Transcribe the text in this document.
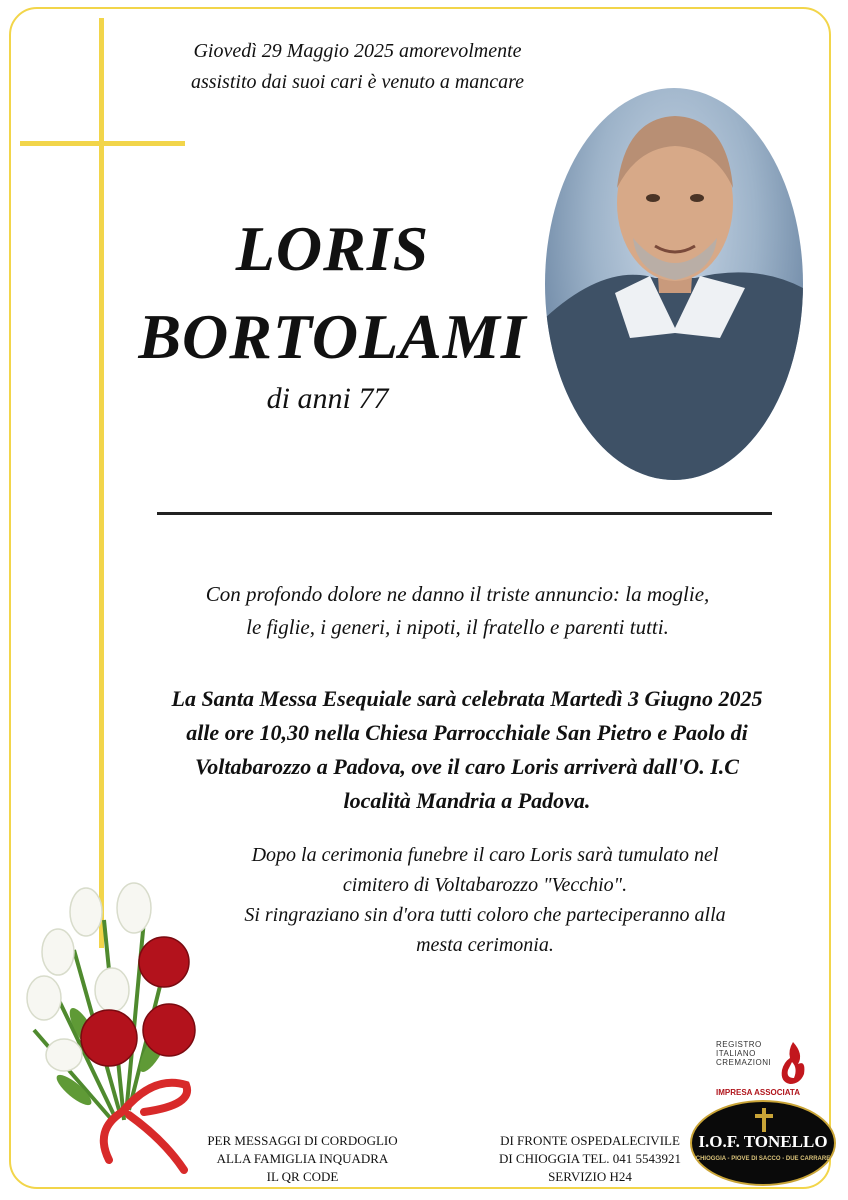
Giovedì 29 Maggio 2025 amorevolmente
assistito dai suoi cari è venuto a mancare
LORIS
BORTOLAMI
di anni 77
Con profondo dolore ne danno il triste annuncio: la moglie,
le figlie, i generi, i nipoti, il fratello e parenti tutti.
La Santa Messa Esequiale sarà celebrata Martedì 3 Giugno 2025
alle ore 10,30 nella Chiesa Parrocchiale San Pietro e Paolo di
Voltabarozzo a Padova, ove il caro Loris arriverà dall'O. I.C
località Mandria a Padova.
Dopo la cerimonia funebre il caro Loris sarà tumulato nel
cimitero di Voltabarozzo "Vecchio".
Si ringraziano sin d'ora tutti coloro che parteciperanno alla
mesta cerimonia.
PER MESSAGGI DI CORDOGLIO
ALLA FAMIGLIA INQUADRA
IL QR CODE
DI FRONTE OSPEDALECIVILE
DI CHIOGGIA TEL. 041 5543921
SERVIZIO H24
REGISTRO
ITALIANO
CREMAZIONI
IMPRESA ASSOCIATA
I.O.F. TONELLO
CHIOGGIA - PIOVE DI SACCO - DUE CARRARE
